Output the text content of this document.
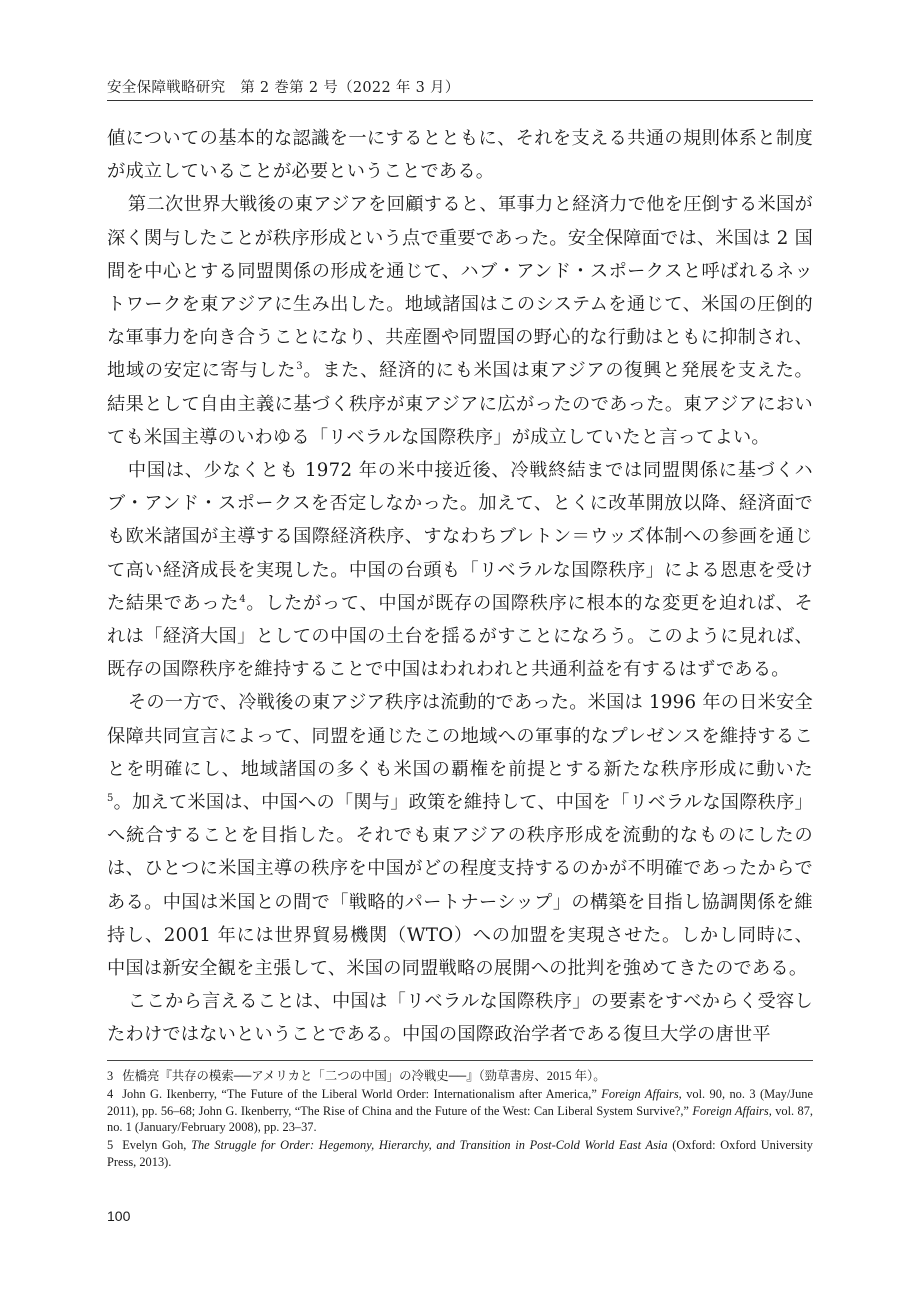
安全保障戦略研究　第 2 巻第 2 号（2022 年 3 月）

値についての基本的な認識を一にするとともに、それを支える共通の規則体系と制度が成立していることが必要ということである。

第二次世界大戦後の東アジアを回顧すると、軍事力と経済力で他を圧倒する米国が深く関与したことが秩序形成という点で重要であった。安全保障面では、米国は 2 国間を中心とする同盟関係の形成を通じて、ハブ・アンド・スポークスと呼ばれるネットワークを東アジアに生み出した。地域諸国はこのシステムを通じて、米国の圧倒的な軍事力を向き合うことになり、共産圏や同盟国の野心的な行動はともに抑制され、地域の安定に寄与した$^3$。また、経済的にも米国は東アジアの復興と発展を支えた。結果として自由主義に基づく秩序が東アジアに広がったのであった。東アジアにおいても米国主導のいわゆる「リベラルな国際秩序」が成立していたと言ってよい。

中国は、少なくとも 1972 年の米中接近後、冷戦終結までは同盟関係に基づくハブ・アンド・スポークスを否定しなかった。加えて、とくに改革開放以降、経済面でも欧米諸国が主導する国際経済秩序、すなわちブレトン＝ウッズ体制への参画を通じて高い経済成長を実現した。中国の台頭も「リベラルな国際秩序」による恩恵を受けた結果であった$^4$。したがって、中国が既存の国際秩序に根本的な変更を迫れば、それは「経済大国」としての中国の土台を揺るがすことになろう。このように見れば、既存の国際秩序を維持することで中国はわれわれと共通利益を有するはずである。

その一方で、冷戦後の東アジア秩序は流動的であった。米国は 1996 年の日米安全保障共同宣言によって、同盟を通じたこの地域への軍事的なプレゼンスを維持することを明確にし、地域諸国の多くも米国の覇権を前提とする新たな秩序形成に動いた$^5$。加えて米国は、中国への「関与」政策を維持して、中国を「リベラルな国際秩序」へ統合することを目指した。それでも東アジアの秩序形成を流動的なものにしたのは、ひとつに米国主導の秩序を中国がどの程度支持するのかが不明確であったからである。中国は米国との間で「戦略的パートナーシップ」の構築を目指し協調関係を維持し、2001 年には世界貿易機関（WTO）への加盟を実現させた。しかし同時に、中国は新安全観を主張して、米国の同盟戦略の展開への批判を強めてきたのである。

ここから言えることは、中国は「リベラルな国際秩序」の要素をすべからく受容したわけではないということである。中国の国際政治学者である復旦大学の唐世平

3 佐橋亮『共存の模索──アメリカと「二つの中国」の冷戦史──』（勁草書房、2015 年）。

4 John G. Ikenberry, “The Future of the Liberal World Order: Internationalism after America,” Foreign Affairs, vol. 90, no. 3 (May/June 2011), pp. 56–68; John G. Ikenberry, “The Rise of China and the Future of the West: Can Liberal System Survive?,” Foreign Affairs, vol. 87, no. 1 (January/February 2008), pp. 23–37.

5 Evelyn Goh, The Struggle for Order: Hegemony, Hierarchy, and Transition in Post-Cold World East Asia (Oxford: Oxford University Press, 2013).

100
